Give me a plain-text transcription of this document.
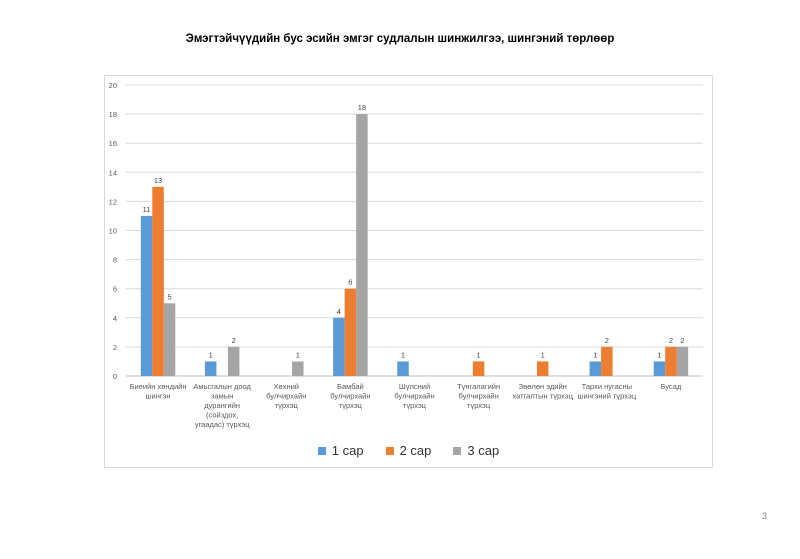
Эмэгтэйчүүдийн бус эсийн эмгэг судлалын шинжилгээ, шингэний төрлөөр
0
2
4
6
8
10
12
14
16
18
20
11
1
4
1	1	1
13
6
1	1
2	2
5
2
1
18
2
Биеийн хөндийн шингэн
Амьсгалын доод замын дурангийн (сойздох, угаадас) түрхэц
Хөхний булчирхайн түрхэц
Бамбай булчирхайн түрхэц
Шүлсний булчирхайн түрхэц
Түнгалагийн булчирхайн түрхэц
Зөөлөн эдийн хатгалтын түрхэц
Тархи нугасны шингэний түрхэц
Бусад
1 сар	2 сар	3 сар
3
